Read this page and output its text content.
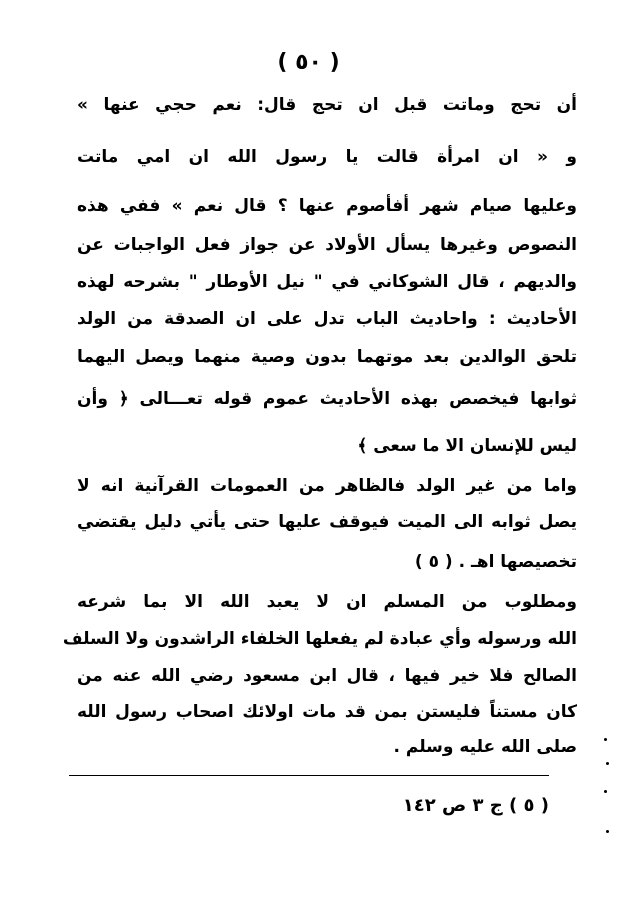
( ٥٠ )
أن تحج وماتت قبل ان تحج قال: نعم حجي عنها »
و « ان امرأة قالت يا رسول الله ان امي ماتت
وعليها صيام شهر أفأصوم عنها ؟ قال نعم » ففي هذه
النصوص وغيرها يسأل الأولاد عن جواز فعل الواجبات عن
والديهم ، قال الشوكاني في " نيل الأوطار " بشرحه لهذه
الأحاديث : واحاديث الباب تدل على ان الصدقة من الولد
تلحق الوالدين بعد موتهما بدون وصية منهما ويصل اليهما
ثوابها فيخصص بهذه الأحاديث عموم قوله تعـــالى ﴿ وأن
ليس للإنسان الا ما سعى ﴾
واما من غير الولد فالظاهر من العمومات القرآنية انه لا
يصل ثوابه الى الميت فيوقف عليها حتى يأتي دليل يقتضي
تخصيصها اهـ . ( ٥ )
ومطلوب من المسلم ان لا يعبد الله الا بما شرعه
الله ورسوله وأي عبادة لم يفعلها الخلفاء الراشدون ولا السلف
الصالح فلا خير فيها ، قال ابن مسعود رضي الله عنه من
كان مستناً فليستن بمن قد مات اولائك اصحاب رسول الله
صلى الله عليه وسلم .
( ٥ ) ج ٣ ص ١٤٢
